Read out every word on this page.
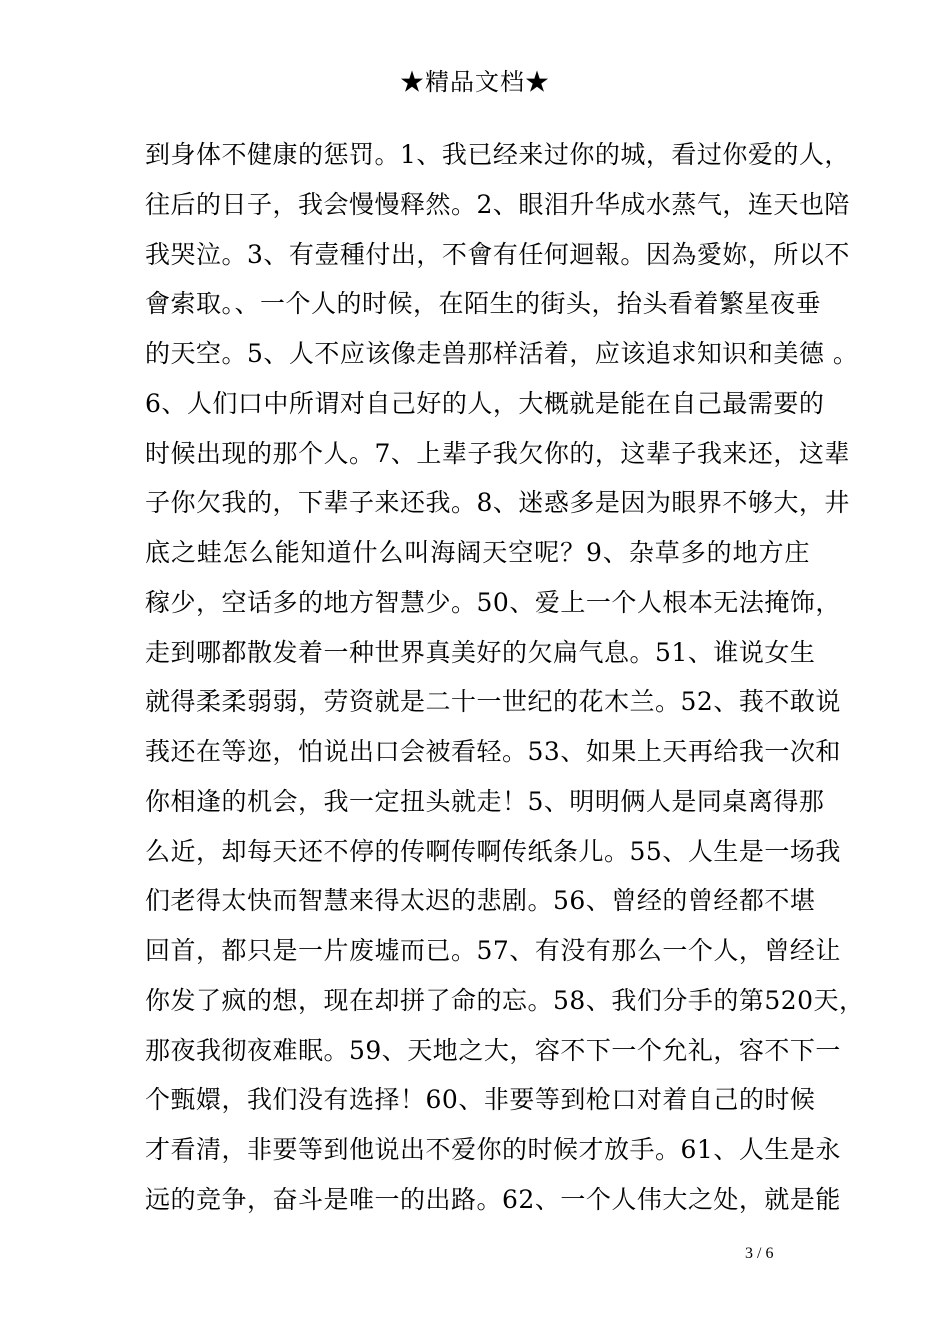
★精品文档★
到身体不健康的惩罚。1、我已经来过你的城，看过你爱的人，
往后的日子，我会慢慢释然。2、眼泪升华成水蒸气，连天也陪
我哭泣。3、有壹種付出，不會有任何迴報。因為愛妳，所以不
會索取。、一个人的时候，在陌生的街头，抬头看着繁星夜垂
的天空。5、人不应该像走兽那样活着，应该追求知识和美德 。
6、人们口中所谓对自己好的人，大概就是能在自己最需要的
时候出现的那个人。7、上辈子我欠你的，这辈子我来还，这辈
子你欠我的，下辈子来还我。8、迷惑多是因为眼界不够大，井
底之蛙怎么能知道什么叫海阔天空呢？9、杂草多的地方庄
稼少，空话多的地方智慧少。50、爱上一个人根本无法掩饰，
走到哪都散发着一种世界真美好的欠扁气息。51、谁说女生
就得柔柔弱弱，劳资就是二十一世纪的花木兰。52、莪不敢说
莪还在等迩，怕说出口会被看轻。53、如果上天再给我一次和
你相逢的机会，我一定扭头就走！5、明明俩人是同桌离得那
么近，却每天还不停的传啊传啊传纸条儿。55、人生是一场我
们老得太快而智慧来得太迟的悲剧。56、曾经的曾经都不堪
回首，都只是一片废墟而已。57、有没有那么一个人，曾经让
你发了疯的想，现在却拼了命的忘。58、我们分手的第520天，
那夜我彻夜难眠。59、天地之大，容不下一个允礼，容不下一
个甄嬛，我们没有选择！60、非要等到枪口对着自己的时候
才看清，非要等到他说出不爱你的时候才放手。61、人生是永
远的竞争，奋斗是唯一的出路。62、一个人伟大之处，就是能
3 / 6
